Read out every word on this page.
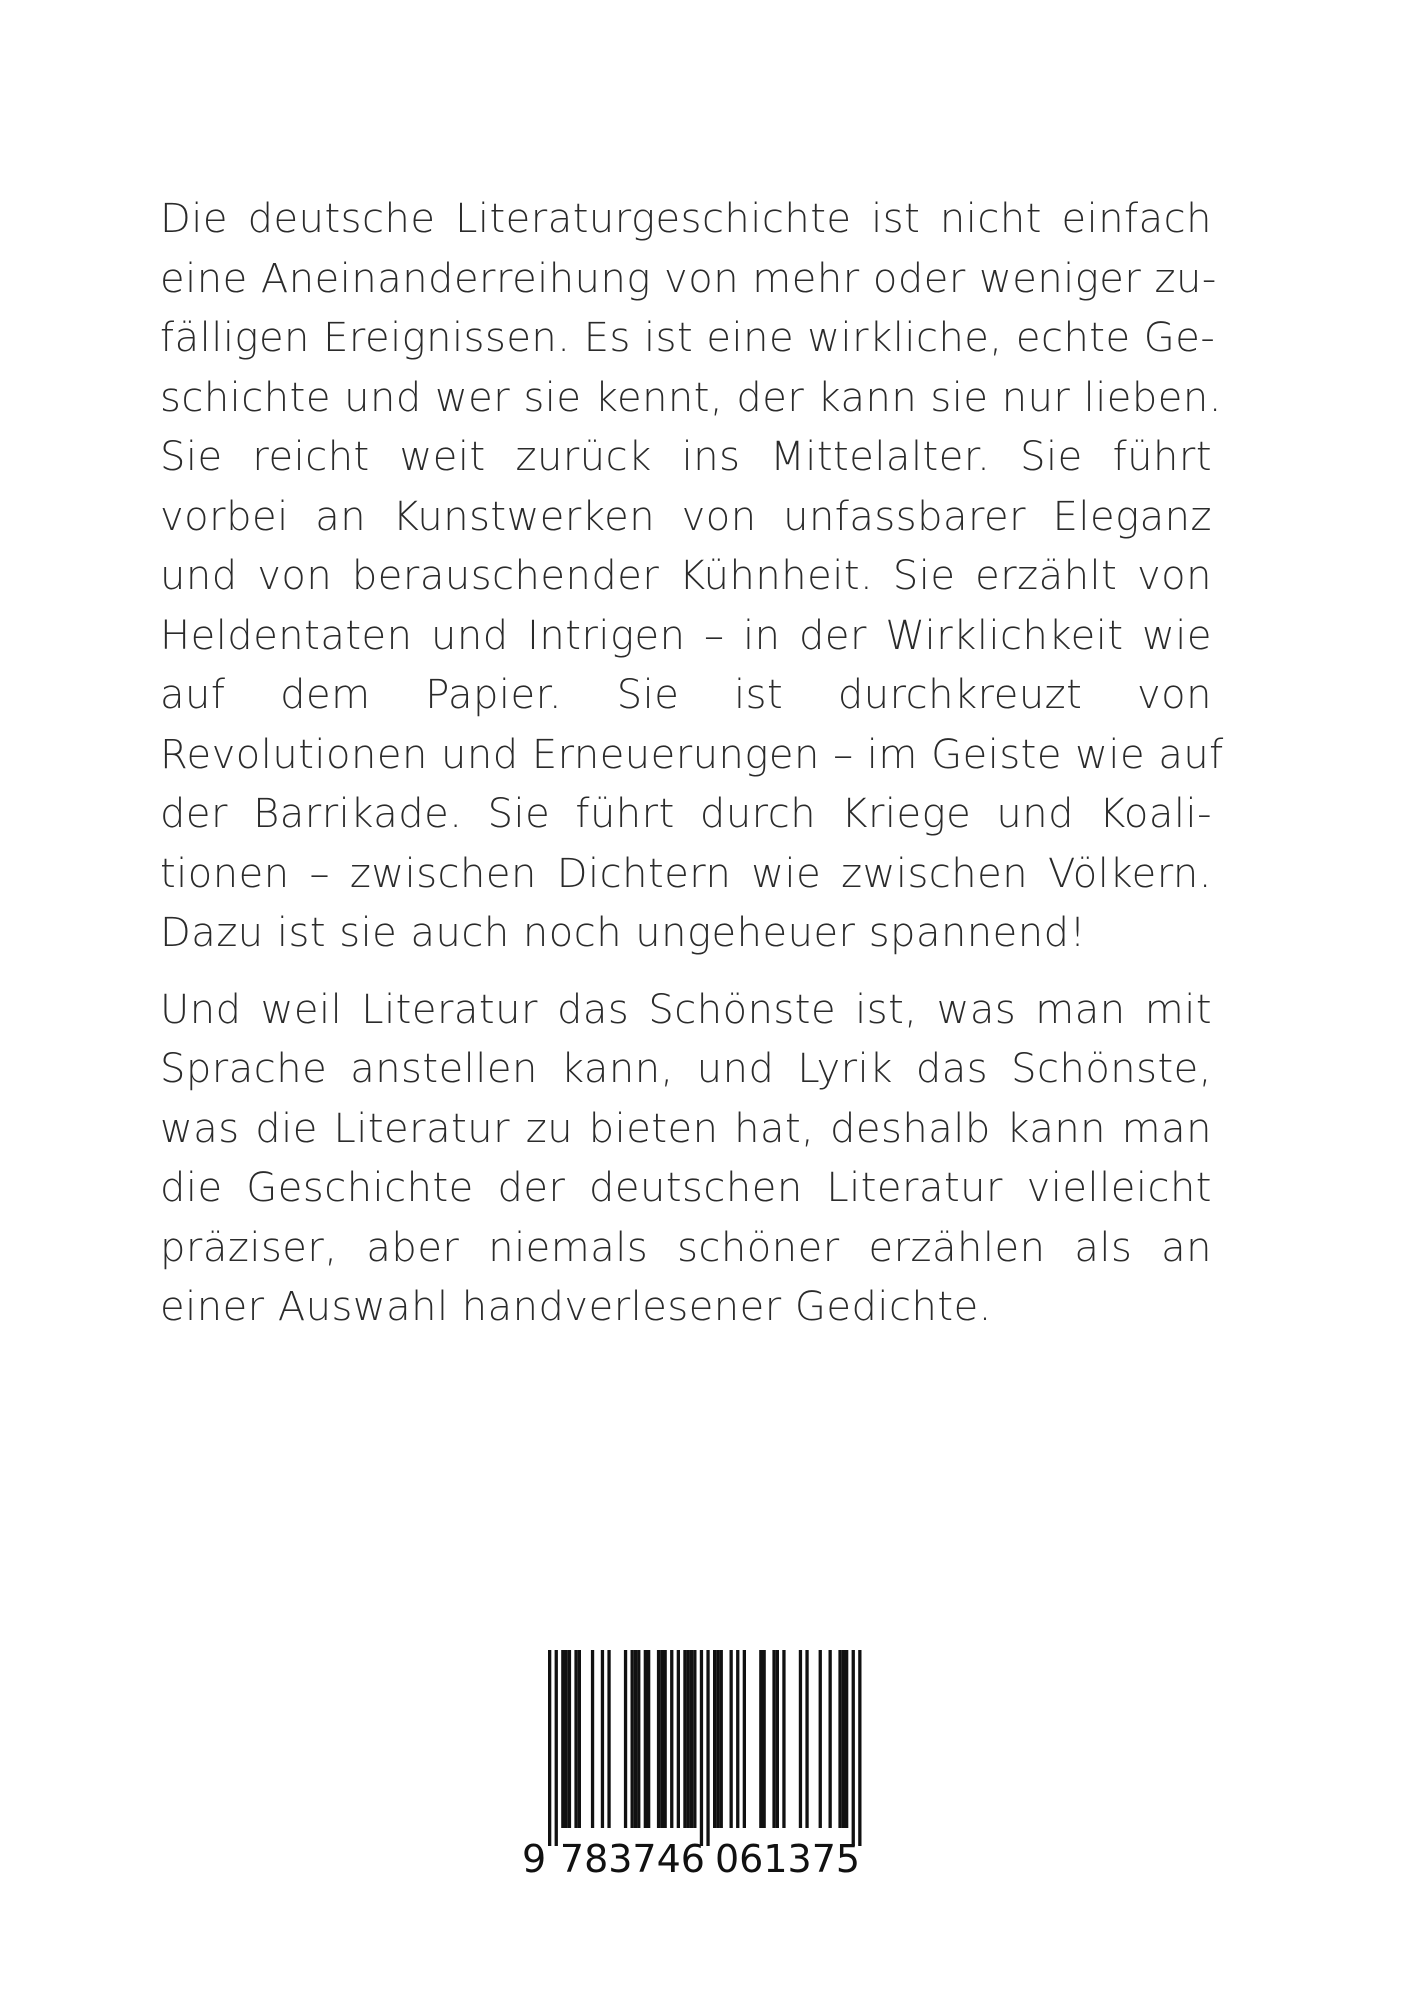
Die deutsche Literaturgeschichte ist nicht einfach
eine Aneinanderreihung von mehr oder weniger zu-
fälligen Ereignissen. Es ist eine wirkliche, echte Ge-
schichte und wer sie kennt, der kann sie nur lieben.
Sie reicht weit zurück ins Mittelalter. Sie führt
vorbei an Kunstwerken von unfassbarer Eleganz
und von berauschender Kühnheit. Sie erzählt von
Heldentaten und Intrigen – in der Wirklichkeit wie
auf dem Papier. Sie ist durchkreuzt von
Revolutionen und Erneuerungen – im Geiste wie auf
der Barrikade. Sie führt durch Kriege und Koali-
tionen – zwischen Dichtern wie zwischen Völkern.
Dazu ist sie auch noch ungeheuer spannend!

Und weil Literatur das Schönste ist, was man mit
Sprache anstellen kann, und Lyrik das Schönste,
was die Literatur zu bieten hat, deshalb kann man
die Geschichte der deutschen Literatur vielleicht
präziser, aber niemals schöner erzählen als an
einer Auswahl handverlesener Gedichte.

9 783746 061375
